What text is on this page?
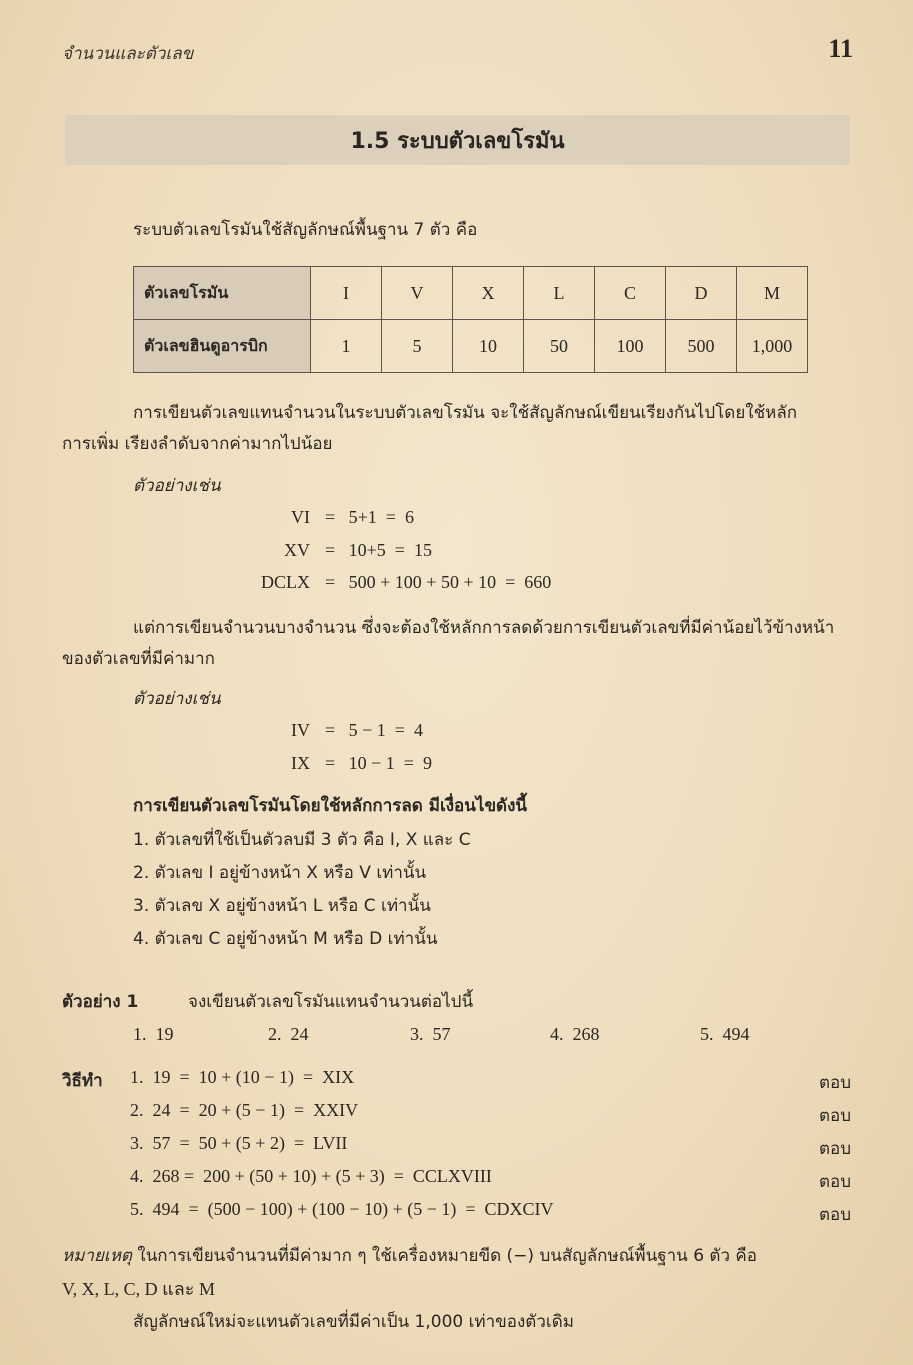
จำนวนและตัวเลข	11
1.5 ระบบตัวเลขโรมัน
ระบบตัวเลขโรมันใช้สัญลักษณ์พื้นฐาน 7 ตัว คือ
ตัวเลขโรมัน	I	V	X	L	C	D	M
ตัวเลขฮินดูอารบิก	1	5	10	50	100	500	1,000
การเขียนตัวเลขแทนจำนวนในระบบตัวเลขโรมัน จะใช้สัญลักษณ์เขียนเรียงกันไปโดยใช้หลัก
การเพิ่ม เรียงลำดับจากค่ามากไปน้อย
ตัวอย่างเช่น
VI =   5+1  =  6
XV =   10+5  =  15
DCLX =   500 + 100 + 50 + 10  =  660
แต่การเขียนจำนวนบางจำนวน ซึ่งจะต้องใช้หลักการลดด้วยการเขียนตัวเลขที่มีค่าน้อยไว้ข้างหน้า
ของตัวเลขที่มีค่ามาก
ตัวอย่างเช่น
IV =   5 − 1  =  4
IX =   10 − 1  =  9
การเขียนตัวเลขโรมันโดยใช้หลักการลด มีเงื่อนไขดังนี้
1. ตัวเลขที่ใช้เป็นตัวลบมี 3 ตัว คือ I, X และ C
2. ตัวเลข I อยู่ข้างหน้า X หรือ V เท่านั้น
3. ตัวเลข X อยู่ข้างหน้า L หรือ C เท่านั้น
4. ตัวเลข C อยู่ข้างหน้า M หรือ D เท่านั้น
ตัวอย่าง 1	จงเขียนตัวเลขโรมันแทนจำนวนต่อไปนี้
1.  19	2.  24	3.  57	4.  268	5.  494
วิธีทำ 1.  19  =  10 + (10 − 1)  =  XIX	ตอบ
2.  24  =  20 + (5 − 1)  =  XXIV	ตอบ
3.  57  =  50 + (5 + 2)  =  LVII	ตอบ
4.  268 =  200 + (50 + 10) + (5 + 3)  =  CCLXVIII	ตอบ
5.  494  =  (500 − 100) + (100 − 10) + (5 − 1)  =  CDXCIV	ตอบ
หมายเหตุ ในการเขียนจำนวนที่มีค่ามาก ๆ ใช้เครื่องหมายขีด (−) บนสัญลักษณ์พื้นฐาน 6 ตัว คือ
V, X, L, C, D และ M
สัญลักษณ์ใหม่จะแทนตัวเลขที่มีค่าเป็น 1,000 เท่าของตัวเดิม
